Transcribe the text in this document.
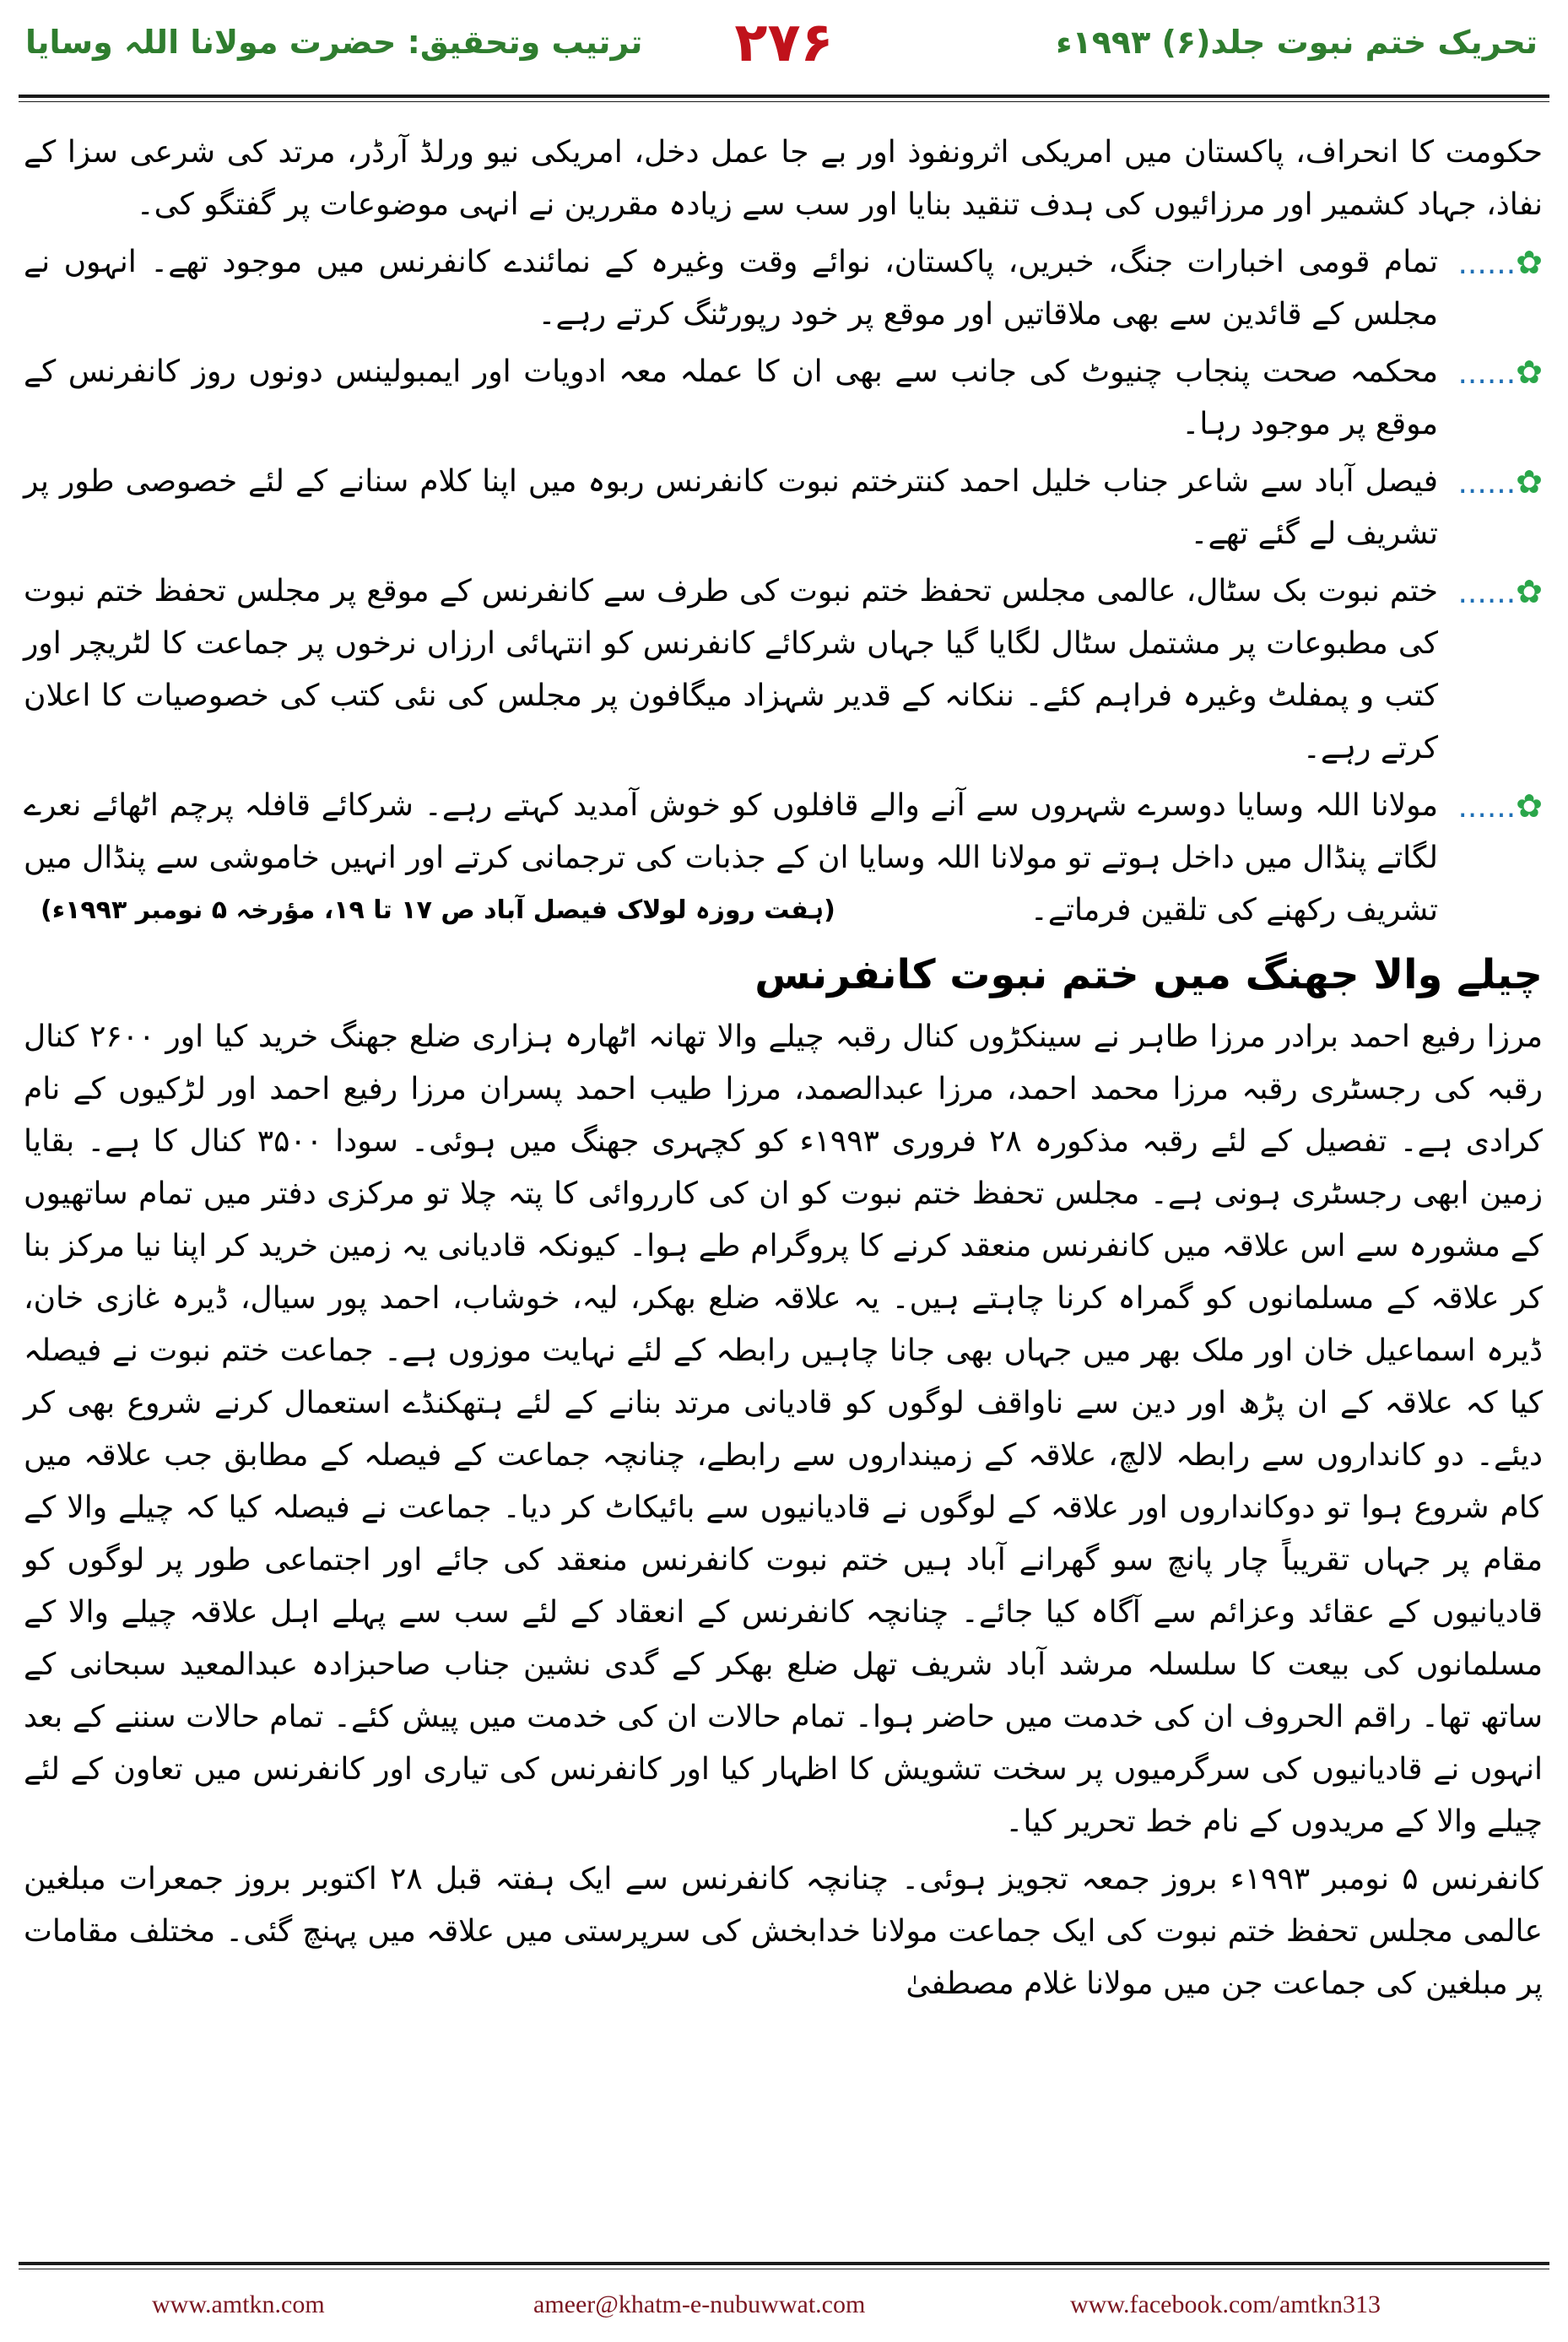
ترتیب وتحقیق: حضرت مولانا اللہ وسایا	۲۷۶	تحریک ختم نبوت جلد(۶) ۱۹۹۳ء

حکومت کا انحراف، پاکستان میں امریکی اثرونفوذ اور بے جا عمل دخل، امریکی نیو ورلڈ آرڈر، مرتد کی شرعی سزا کے نفاذ، جہاد کشمیر اور مرزائیوں کی ہدف تنقید بنایا اور سب سے زیادہ مقررین نے انہی موضوعات پر گفتگو کی۔

......✿
تمام قومی اخبارات جنگ، خبریں، پاکستان، نوائے وقت وغیرہ کے نمائندے کانفرنس میں موجود تھے۔ انہوں نے مجلس کے قائدین سے بھی ملاقاتیں اور موقع پر خود رپورٹنگ کرتے رہے۔
......✿
محکمہ صحت پنجاب چنیوٹ کی جانب سے بھی ان کا عملہ معہ ادویات اور ایمبولینس دونوں روز کانفرنس کے موقع پر موجود رہا۔
......✿
فیصل آباد سے شاعر جناب خلیل احمد کنترختم نبوت کانفرنس ربوہ میں اپنا کلام سنانے کے لئے خصوصی طور پر تشریف لے گئے تھے۔
......✿
ختم نبوت بک سٹال، عالمی مجلس تحفظ ختم نبوت کی طرف سے کانفرنس کے موقع پر مجلس تحفظ ختم نبوت کی مطبوعات پر مشتمل سٹال لگایا گیا جہاں شرکائے کانفرنس کو انتہائی ارزاں نرخوں پر جماعت کا لٹریچر اور کتب و پمفلٹ وغیرہ فراہم کئے۔ ننکانہ کے قدیر شہزاد میگافون پر مجلس کی نئی کتب کی خصوصیات کا اعلان کرتے رہے۔
......✿
مولانا اللہ وسایا دوسرے شہروں سے آنے والے قافلوں کو خوش آمدید کہتے رہے۔ شرکائے قافلہ پرچم اٹھائے نعرے لگاتے پنڈال میں داخل ہوتے تو مولانا اللہ وسایا ان کے جذبات کی ترجمانی کرتے اور انہیں خاموشی سے پنڈال میں تشریف رکھنے کی تلقین فرماتے۔
(ہفت روزہ لولاک فیصل آباد ص ۱۷ تا ۱۹، مؤرخہ ۵ نومبر ۱۹۹۳ء)
چیلے والا جھنگ میں ختم نبوت کانفرنس

مرزا رفیع احمد برادر مرزا طاہر نے سینکڑوں کنال رقبہ چیلے والا تھانہ اٹھارہ ہزاری ضلع جھنگ خرید کیا اور ۲۶۰۰ کنال رقبہ کی رجسٹری رقبہ مرزا محمد احمد، مرزا عبدالصمد، مرزا طیب احمد پسران مرزا رفیع احمد اور لڑکیوں کے نام کرادی ہے۔ تفصیل کے لئے رقبہ مذکورہ ۲۸ فروری ۱۹۹۳ء کو کچہری جھنگ میں ہوئی۔ سودا ۳۵۰۰ کنال کا ہے۔ بقایا زمین ابھی رجسٹری ہونی ہے۔ مجلس تحفظ ختم نبوت کو ان کی کارروائی کا پتہ چلا تو مرکزی دفتر میں تمام ساتھیوں کے مشورہ سے اس علاقہ میں کانفرنس منعقد کرنے کا پروگرام طے ہوا۔ کیونکہ قادیانی یہ زمین خرید کر اپنا نیا مرکز بنا کر علاقہ کے مسلمانوں کو گمراہ کرنا چاہتے ہیں۔ یہ علاقہ ضلع بھکر، لیہ، خوشاب، احمد پور سیال، ڈیرہ غازی خان، ڈیرہ اسماعیل خان اور ملک بھر میں جہاں بھی جانا چاہیں رابطہ کے لئے نہایت موزوں ہے۔ جماعت ختم نبوت نے فیصلہ کیا کہ علاقہ کے ان پڑھ اور دین سے ناواقف لوگوں کو قادیانی مرتد بنانے کے لئے ہتھکنڈے استعمال کرنے شروع بھی کر دیئے۔ دو کانداروں سے رابطہ لالچ، علاقہ کے زمینداروں سے رابطے، چنانچہ جماعت کے فیصلہ کے مطابق جب علاقہ میں کام شروع ہوا تو دوکانداروں اور علاقہ کے لوگوں نے قادیانیوں سے بائیکاٹ کر دیا۔ جماعت نے فیصلہ کیا کہ چیلے والا کے مقام پر جہاں تقریباً چار پانچ سو گھرانے آباد ہیں ختم نبوت کانفرنس منعقد کی جائے اور اجتماعی طور پر لوگوں کو قادیانیوں کے عقائد وعزائم سے آگاہ کیا جائے۔ چنانچہ کانفرنس کے انعقاد کے لئے سب سے پہلے اہل علاقہ چیلے والا کے مسلمانوں کی بیعت کا سلسلہ مرشد آباد شریف تھل ضلع بھکر کے گدی نشین جناب صاحبزادہ عبدالمعید سبحانی کے ساتھ تھا۔ راقم الحروف ان کی خدمت میں حاضر ہوا۔ تمام حالات ان کی خدمت میں پیش کئے۔ تمام حالات سننے کے بعد انہوں نے قادیانیوں کی سرگرمیوں پر سخت تشویش کا اظہار کیا اور کانفرنس کی تیاری اور کانفرنس میں تعاون کے لئے چیلے والا کے مریدوں کے نام خط تحریر کیا۔

کانفرنس ۵ نومبر ۱۹۹۳ء بروز جمعہ تجویز ہوئی۔ چنانچہ کانفرنس سے ایک ہفتہ قبل ۲۸ اکتوبر بروز جمعرات مبلغین عالمی مجلس تحفظ ختم نبوت کی ایک جماعت مولانا خدابخش کی سرپرستی میں علاقہ میں پہنچ گئی۔ مختلف مقامات پر مبلغین کی جماعت جن میں مولانا غلام مصطفیٰ

www.amtkn.com	ameer@khatm-e-nubuwwat.com	www.facebook.com/amtkn313
